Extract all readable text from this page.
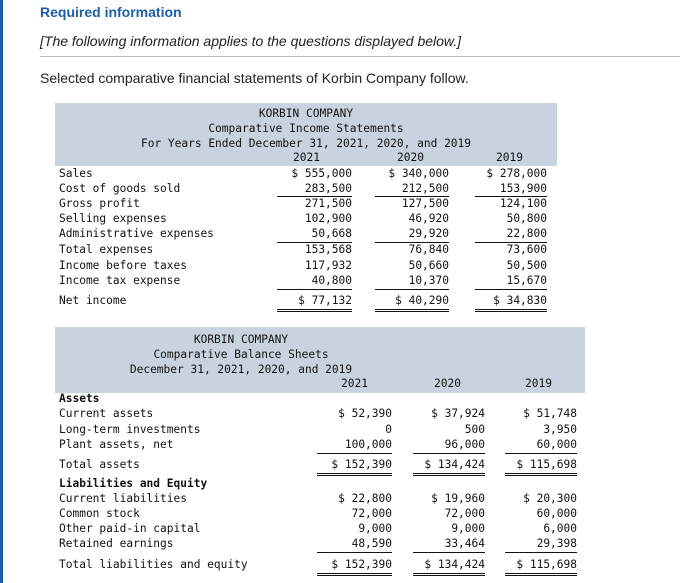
Required information
[The following information applies to the questions displayed below.]
Selected comparative financial statements of Korbin Company follow.
KORBIN COMPANY
Comparative Income Statements
For Years Ended December 31, 2021, 2020, and 2019
2021	2020	2019
Sales	$ 555,000	$ 340,000	$ 278,000
Cost of goods sold	283,500	212,500	153,900
Gross profit	271,500	127,500	124,100
Selling expenses	102,900	46,920	50,800
Administrative expenses	50,668	29,920	22,800
Total expenses	153,568	76,840	73,600
Income before taxes	117,932	50,660	50,500
Income tax expense	40,800	10,370	15,670
Net income	$ 77,132	$ 40,290	$ 34,830
KORBIN COMPANY
Comparative Balance Sheets
December 31, 2021, 2020, and 2019
2021	2020	2019
Assets
Current assets	$ 52,390	$ 37,924	$ 51,748
Long-term investments	0	500	3,950
Plant assets, net	100,000	96,000	60,000
Total assets	$ 152,390	$ 134,424	$ 115,698
Liabilities and Equity
Current liabilities	$ 22,800	$ 19,960	$ 20,300
Common stock	72,000	72,000	60,000
Other paid-in capital	9,000	9,000	6,000
Retained earnings	48,590	33,464	29,398
Total liabilities and equity	$ 152,390	$ 134,424	$ 115,698
